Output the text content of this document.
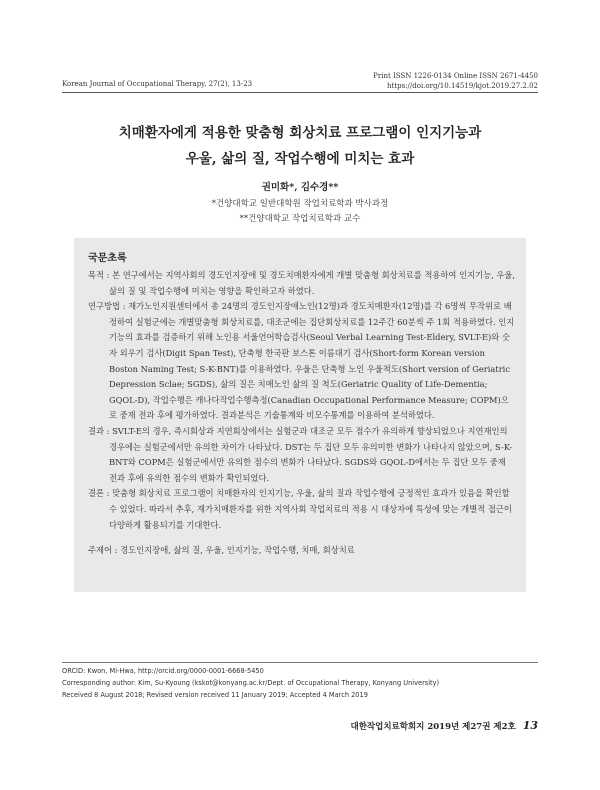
Korean Journal of Occupational Therapy, 27(2), 13-23
Print ISSN 1226-0134 Online ISSN 2671-4450
https://doi.org/10.14519/kjot.2019.27.2.02
치매환자에게 적용한 맞춤형 회상치료 프로그램이 인지기능과
우울, 삶의 질, 작업수행에 미치는 효과
권미화*, 김수경**
*건양대학교 일반대학원 작업치료학과 박사과정
**건양대학교 작업치료학과 교수
국문초록

목적 : 본 연구에서는 지역사회의 경도인지장애 및 경도치매환자에게 개별 맞춤형 회상치료를 적용하여 인지기능, 우울, 삶의 질 및 작업수행에 미치는 영향을 확인하고자 하였다.

연구방법 : 재가노인지원센터에서 총 24명의 경도인지장애노인(12명)과 경도치매환자(12명)를 각 6명씩 무작위로 배정하여 실험군에는 개별맞춤형 회상치료를, 대조군에는 집단회상치료를 12주간 60분씩 주 1회 적용하였다. 인지기능의 효과를 검증하기 위해 노인용 서울언어학습검사(Seoul Verbal Learning Test-Eldery, SVLT-E)와 숫자 외우기 검사(Digit Span Test), 단축형 한국판 보스톤 이름대기 검사(Short-form Korean version Boston Naming Test; S-K-BNT)를 이용하였다. 우울은 단축형 노인 우울척도(Short version of Geriatric Depression Sclae; SGDS), 삶의 질은 치매노인 삶의 질 척도(Geriatric Quality of Life-Dementia; GQOL-D), 작업수행은 캐나다작업수행측정(Canadian Occupational Performance Measure; COPM)으로 중재 전과 후에 평가하였다. 결과분석은 기술통계와 비모수통계를 이용하여 분석하였다.

결과 : SVLT-E의 경우, 즉시회상과 지연회상에서는 실험군과 대조군 모두 점수가 유의하게 향상되었으나 지연재인의 경우에는 실험군에서만 유의한 차이가 나타났다. DST는 두 집단 모두 유의미한 변화가 나타나지 않았으며, S-K-BNT와 COPM은 실험군에서만 유의한 점수의 변화가 나타났다. SGDS와 GQOL-D에서는 두 집단 모두 중재 전과 후에 유의한 점수의 변화가 확인되었다.

결론 : 맞춤형 회상치료 프로그램이 치매환자의 인지기능, 우울, 삶의 질과 작업수행에 긍정적인 효과가 있음을 확인할 수 있었다. 따라서 추후, 재가치매환자를 위한 지역사회 작업치료의 적용 시 대상자에 특성에 맞는 개별적 접근이 다양하게 활용되기를 기대한다.

주제어 : 경도인지장애, 삶의 질, 우울, 인지기능, 작업수행, 치매, 회상치료

ORCID: Kwon, Mi-Hwa, http://orcid.org/0000-0001-6668-5450
Corresponding author: Kim, Su-Kyoung (kskot@konyang.ac.kr/Dept. of Occupational Therapy, Konyang University)
Received 8 August 2018; Revised version received 11 January 2019; Accepted 4 March 2019
대한작업치료학회지 2019년 제27권 제2호 13
